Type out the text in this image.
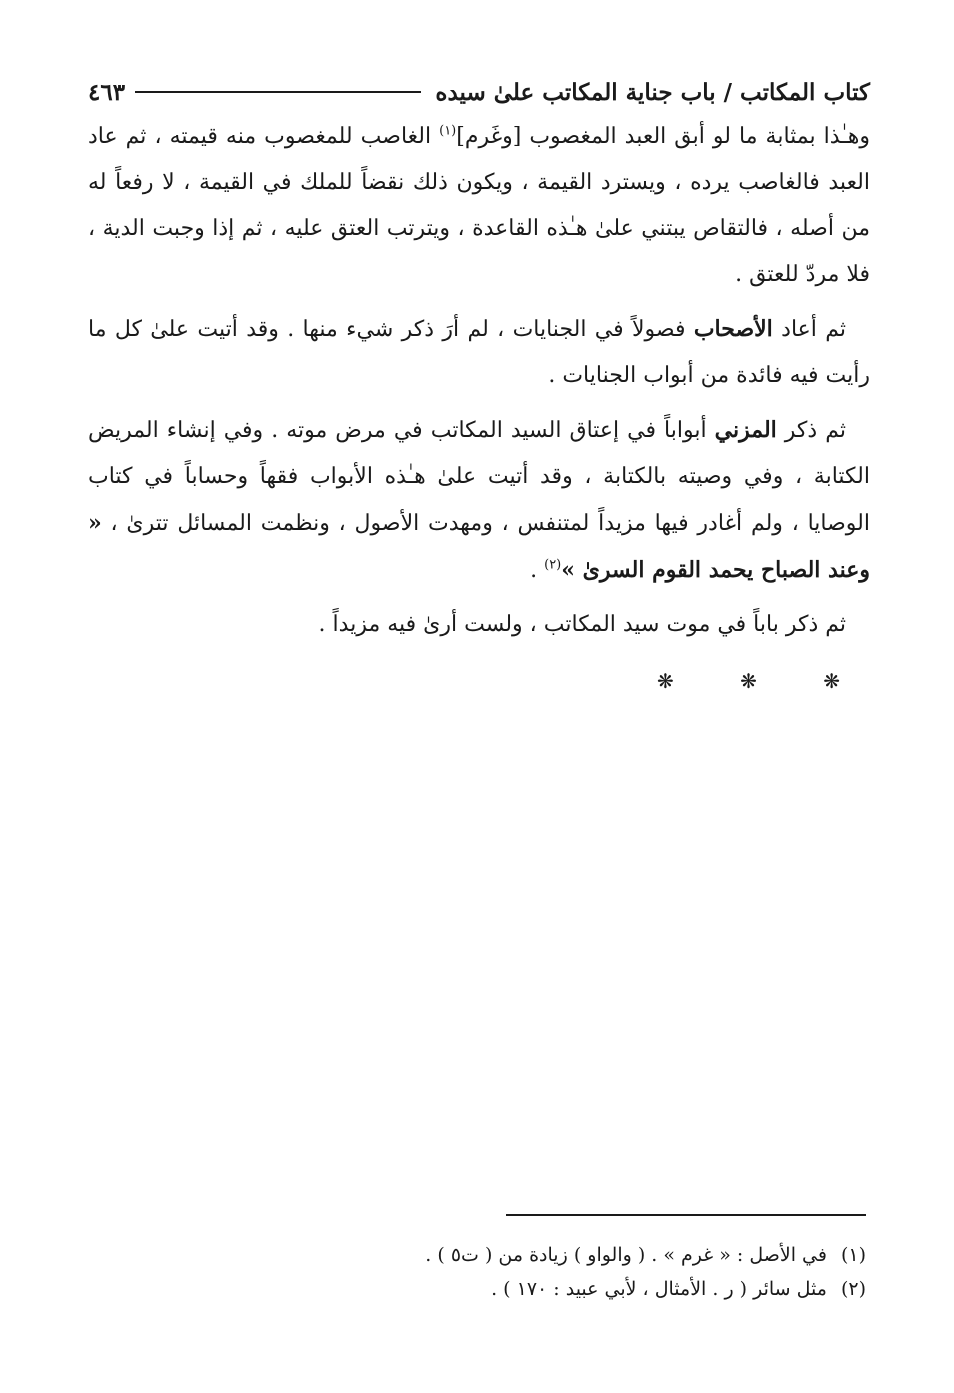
كتاب المكاتب / باب جناية المكاتب علىٰ سيده
٤٦٣

وهـٰذا بمثابة ما لو أبق العبد المغصوب [وغَرم]$^{(١)}$ الغاصب للمغصوب منه قيمته ، ثم عاد العبد فالغاصب يرده ، ويسترد القيمة ، ويكون ذلك نقضاً للملك في القيمة ، لا رفعاً له من أصله ، فالتقاص يبتني علىٰ هـٰذه القاعدة ، ويترتب العتق عليه ، ثم إذا وجبت الدية ، فلا مردّ للعتق .

ثم أعاد الأصحاب فصولاً في الجنايات ، لم أرَ ذكر شيء منها . وقد أتيت علىٰ كل ما رأيت فيه فائدة من أبواب الجنايات .

ثم ذكر المزني أبواباً في إعتاق السيد المكاتب في مرض موته . وفي إنشاء المريض الكتابة ، وفي وصيته بالكتابة ، وقد أتيت علىٰ هـٰذه الأبواب فقهاً وحساباً في كتاب الوصايا ، ولم أغادر فيها مزيداً لمتنفس ، ومهدت الأصول ، ونظمت المسائل تترىٰ ، « وعند الصباح يحمد القوم السرىٰ »$^{(٢)}$ .

ثم ذكر باباً في موت سيد المكاتب ، ولست أرىٰ فيه مزيداً .

❋ ❋ ❋
(١)
في الأصل : « غرم » . ( والواو ) زيادة من ( ت٥ ) .
(٢)
مثل سائر ( ر . الأمثال ، لأبي عبيد : ١٧٠ ) .
